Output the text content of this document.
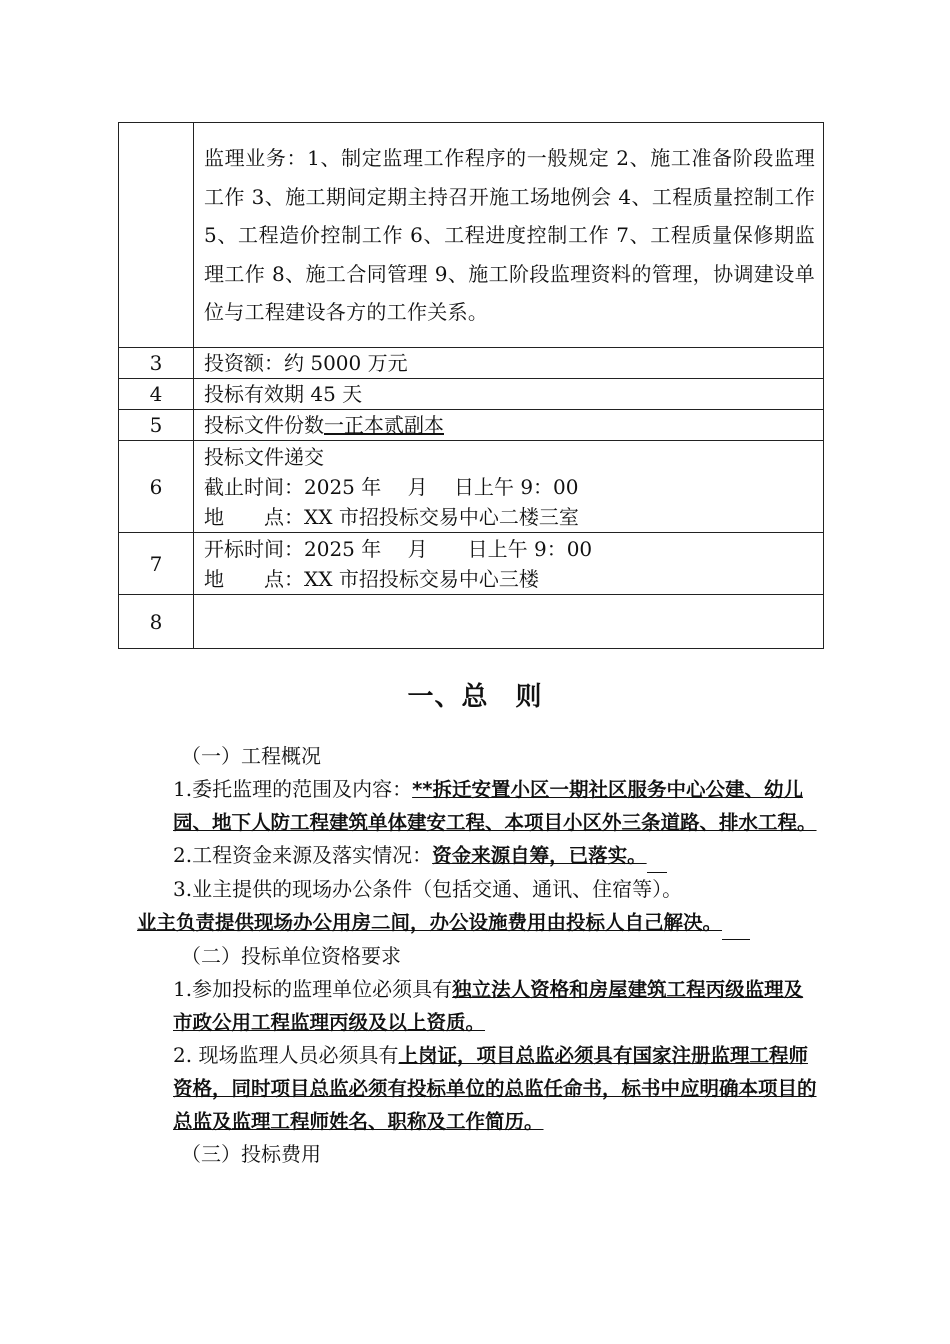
	监理业务：1、制定监理工作程序的一般规定 2、施工准备阶段监理工作 3、施工期间定期主持召开施工场地例会 4、工程质量控制工作 5、工程造价控制工作 6、工程进度控制工作 7、工程质量保修期监理工作 8、施工合同管理 9、施工阶段监理资料的管理，协调建设单位与工程建设各方的工作关系。

3	投资额：约 5000 万元
4	投标有效期 45 天
5	投标文件份数一正本贰副本
6	投标文件递交
截止时间：2025 年　 月　 日上午 9：00
地　　点：XX 市招投标交易中心二楼三室

7	开标时间：2025 年　 月　　日上午 9：00
地　　点：XX 市招投标交易中心三楼

8	
一、总　则

（一）工程概况

1.委托监理的范围及内容：**拆迁安置小区一期社区服务中心公建、幼儿园、地下人防工程建筑单体建安工程、本项目小区外三条道路、排水工程。

2.工程资金来源及落实情况：资金来源自筹，已落实。

3.业主提供的现场办公条件（包括交通、通讯、住宿等）。

业主负责提供现场办公用房二间，办公设施费用由投标人自己解决。

（二）投标单位资格要求

1.参加投标的监理单位必须具有独立法人资格和房屋建筑工程丙级监理及市政公用工程监理丙级及以上资质。

2. 现场监理人员必须具有上岗证，项目总监必须具有国家注册监理工程师资格，同时项目总监必须有投标单位的总监任命书，标书中应明确本项目的总监及监理工程师姓名、职称及工作简历。

（三）投标费用
